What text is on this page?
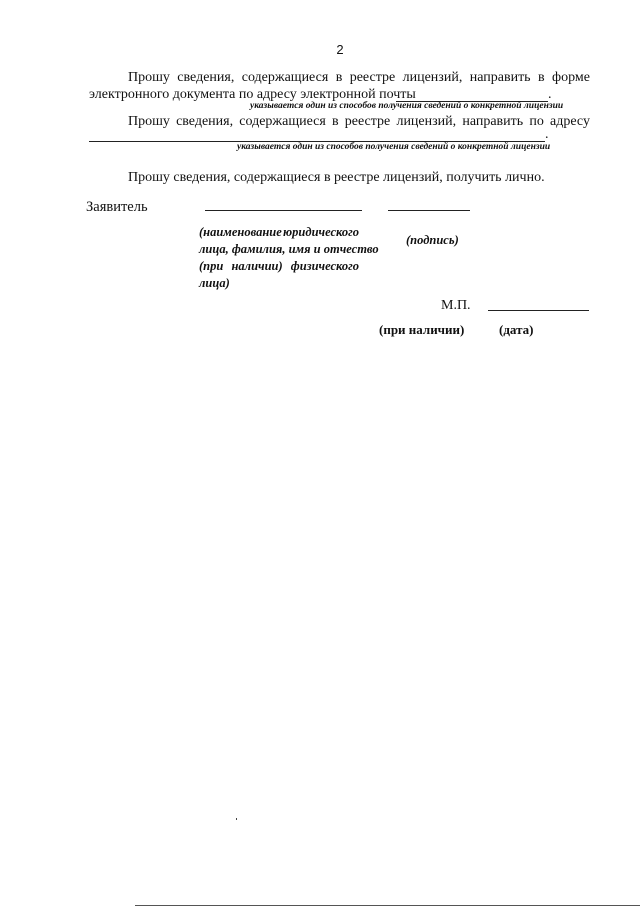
2
Прошу сведения, содержащиеся в реестре лицензий, направить в форме
электронного документа по адресу электронной почты	.
указывается один из способов получения сведений о конкретной лицензии
Прошу сведения, содержащиеся в реестре лицензий, направить по адресу
.
указывается один из способов получения сведений о конкретной лицензии
Прошу сведения, содержащиеся в реестре лицензий, получить лично.
Заявитель
(наименование юридического
лица, фамилия, имя и отчество
(при наличии) физического
лица)
(подпись)
М.П.
(при наличии)	(дата)
